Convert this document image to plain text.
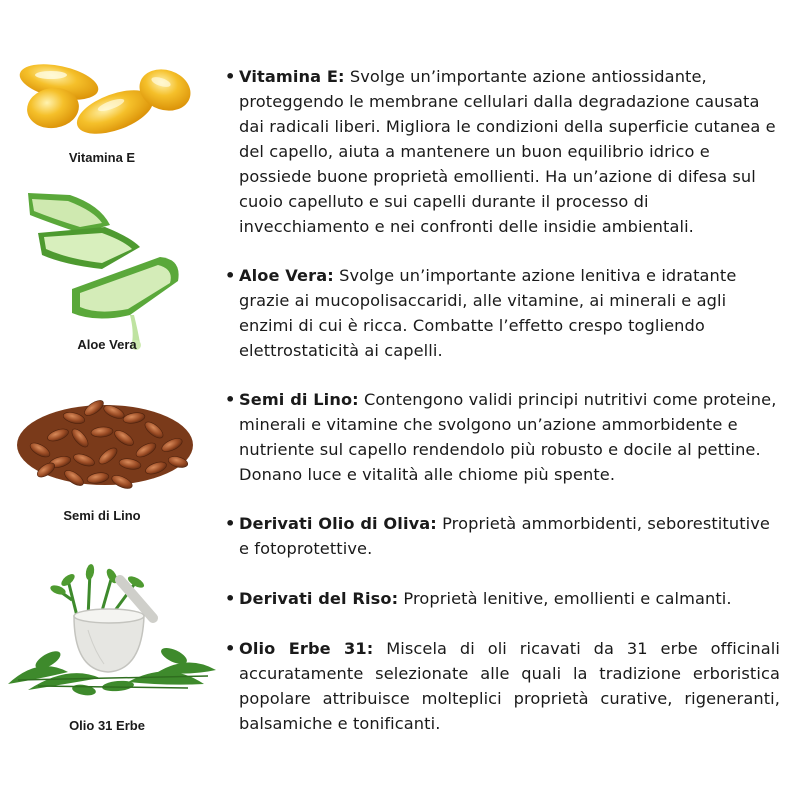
Vitamina E
Aloe Vera
Semi di Lino
Olio 31 Erbe
• Vitamina E: Svolge un’importante azione antiossidante, proteggendo le membrane cellulari dalla degradazione causata dai radicali liberi. Migliora le condizioni della superficie cutanea e del capello, aiuta a mantenere un buon equilibrio idrico e possiede buone proprietà emollienti. Ha un’azione di difesa sul cuoio capelluto e sui capelli durante il processo di invecchiamento e nei confronti delle insidie ambientali.
• Aloe Vera: Svolge un’importante azione lenitiva e idratante grazie ai mucopolisaccaridi, alle vitamine, ai minerali e agli enzimi di cui è ricca. Combatte l’effetto crespo togliendo elettrostaticità ai capelli.
• Semi di Lino: Contengono validi principi nutritivi come proteine, minerali e vitamine che svolgono un’azione ammorbidente e nutriente sul capello rendendolo più robusto e docile al pettine. Donano luce e vitalità alle chiome più spente.
• Derivati Olio di Oliva: Proprietà ammorbidenti, seborestitutive e fotoprotettive.
• Derivati del Riso: Proprietà lenitive, emollienti e calmanti.
• Olio Erbe 31: Miscela di oli ricavati da 31 erbe officinali accuratamente selezionate alle quali la tradizione erboristica popolare attribuisce molteplici proprietà curative, rigeneranti, balsamiche e tonificanti.
